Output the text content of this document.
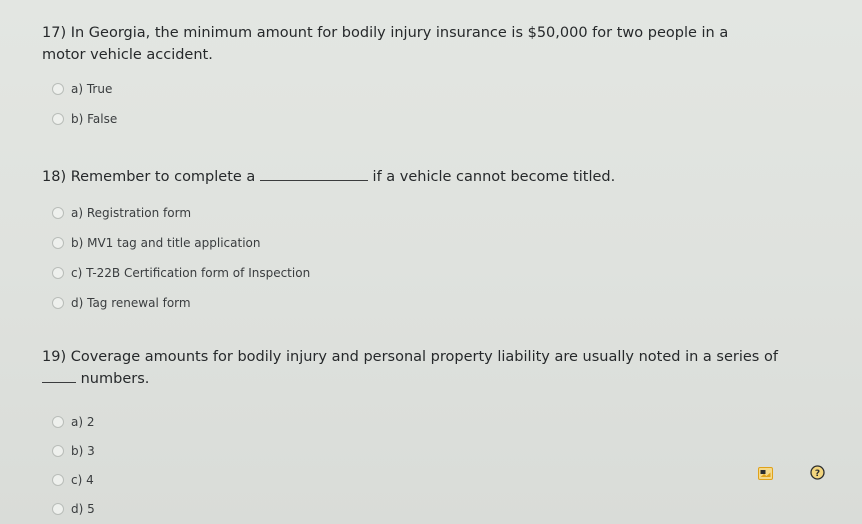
17) In Georgia, the minimum amount for bodily injury insurance is $50,000 for two people in a motor vehicle accident.
a) True
b) False
18) Remember to complete a	if a vehicle cannot become titled.
a) Registration form
b) MV1 tag and title application
c) T-22B Certification form of Inspection
d) Tag renewal form
19) Coverage amounts for bodily injury and personal property liability are usually noted in a series of  numbers.
a) 2
b) 3
c) 4
d) 5
?
